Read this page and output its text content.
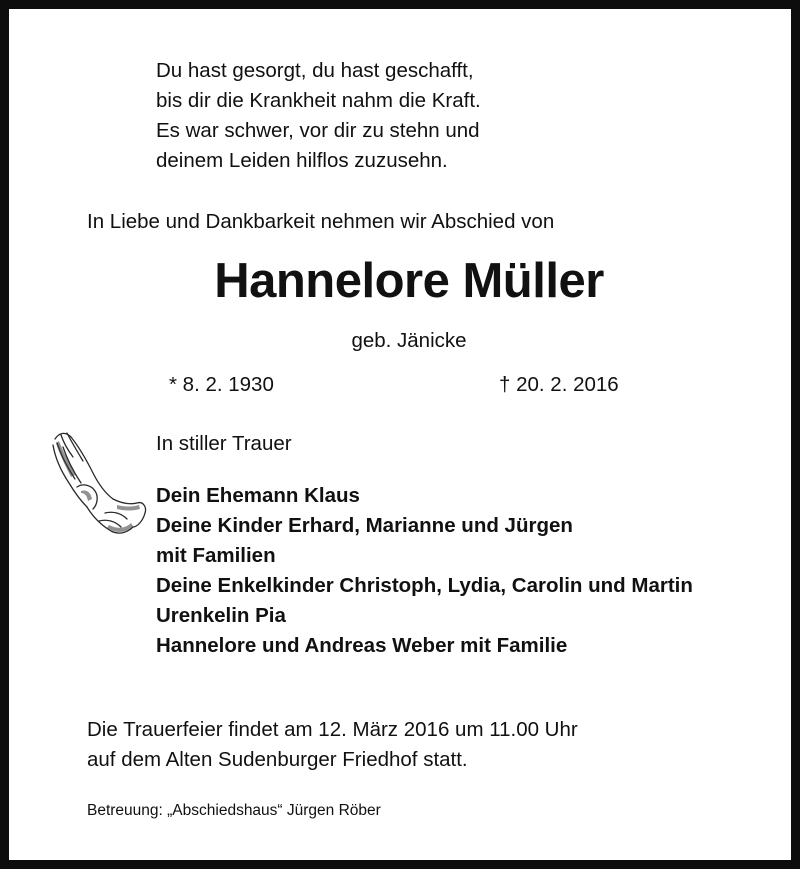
Du hast gesorgt, du hast geschafft,
bis dir die Krankheit nahm die Kraft.
Es war schwer, vor dir zu stehn und
deinem Leiden hilflos zuzusehn.
In Liebe und Dankbarkeit nehmen wir Abschied von
Hannelore Müller
geb. Jänicke
* 8. 2. 1930	† 20. 2. 2016
In stiller Trauer
Dein Ehemann Klaus
Deine Kinder Erhard, Marianne und Jürgen
mit Familien
Deine Enkelkinder Christoph, Lydia, Carolin und Martin
Urenkelin Pia
Hannelore und Andreas Weber mit Familie
Die Trauerfeier findet am 12. März 2016 um 11.00 Uhr
auf dem Alten Sudenburger Friedhof statt.
Betreuung: „Abschiedshaus“ Jürgen Röber
